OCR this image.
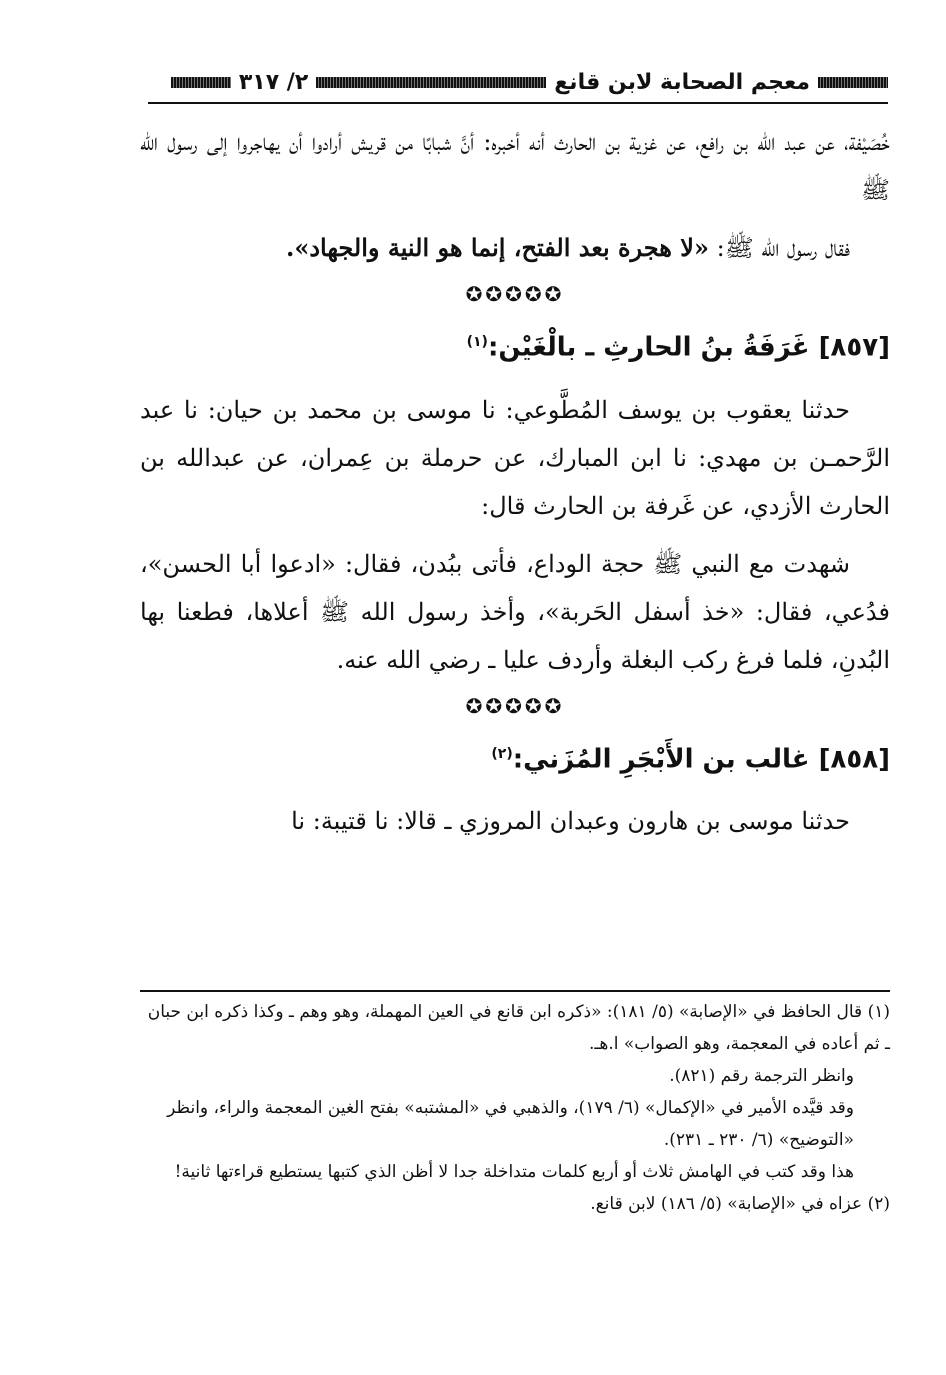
معجم الصحابة لابن قانع
٢/ ٣١٧

خُصَيْفة، عن عبد الله بن رافع، عن غزية بن الحارث أنه أخبره: أنَّ شبابًا من قريش أرادوا أن يهاجروا إلى رسول الله ﷺ

فقال رسول الله ﷺ: «لا هجرة بعد الفتح، إنما هو النية والجهاد».

✪✪✪✪✪
[٨٥٧] غَرَفَةُ بنُ الحارثِ ـ بالْغَيْن:$^{(١)}$

حدثنا يعقوب بن يوسف المُطَّوعي: نا موسى بن محمد بن حيان: نا عبد الرَّحمـن بن مهدي: نا ابن المبارك، عن حرملة بن عِمران، عن عبدالله بن الحارث الأزدي، عن غَرفة بن الحارث قال:

شهدت مع النبي ﷺ حجة الوداع، فأتى ببُدن، فقال: «ادعوا أبا الحسن»، فدُعي، فقال: «خذ أسفل الحَربة»، وأخذ رسول الله ﷺ أعلاها، فطعنا بها البُدنِ، فلما فرغ ركب البغلة وأردف عليا ـ رضي الله عنه.

✪✪✪✪✪
[٨٥٨] غالب بن الأَبْجَرِ المُزَني:$^{(٢)}$

حدثنا موسى بن هارون وعبدان المروزي ـ قالا: نا قتيبة: نا

(١) قال الحافظ في «الإصابة» (٥/ ١٨١): «ذكره ابن قانع في العين المهملة، وهو وهم ـ وكذا ذكره ابن حبان ـ ثم أعاده في المعجمة، وهو الصواب» ا.هـ.

وانظر الترجمة رقم (٨٢١).

وقد قيَّده الأمير في «الإكمال» (٦/ ١٧٩)، والذهبي في «المشتبه» بفتح الغين المعجمة والراء، وانظر «التوضيح» (٦/ ٢٣٠ ـ ٢٣١).

هذا وقد كتب في الهامش ثلاث أو أربع كلمات متداخلة جدا لا أظن الذي كتبها يستطيع قراءتها ثانية!

(٢) عزاه في «الإصابة» (٥/ ١٨٦) لابن قانع.
